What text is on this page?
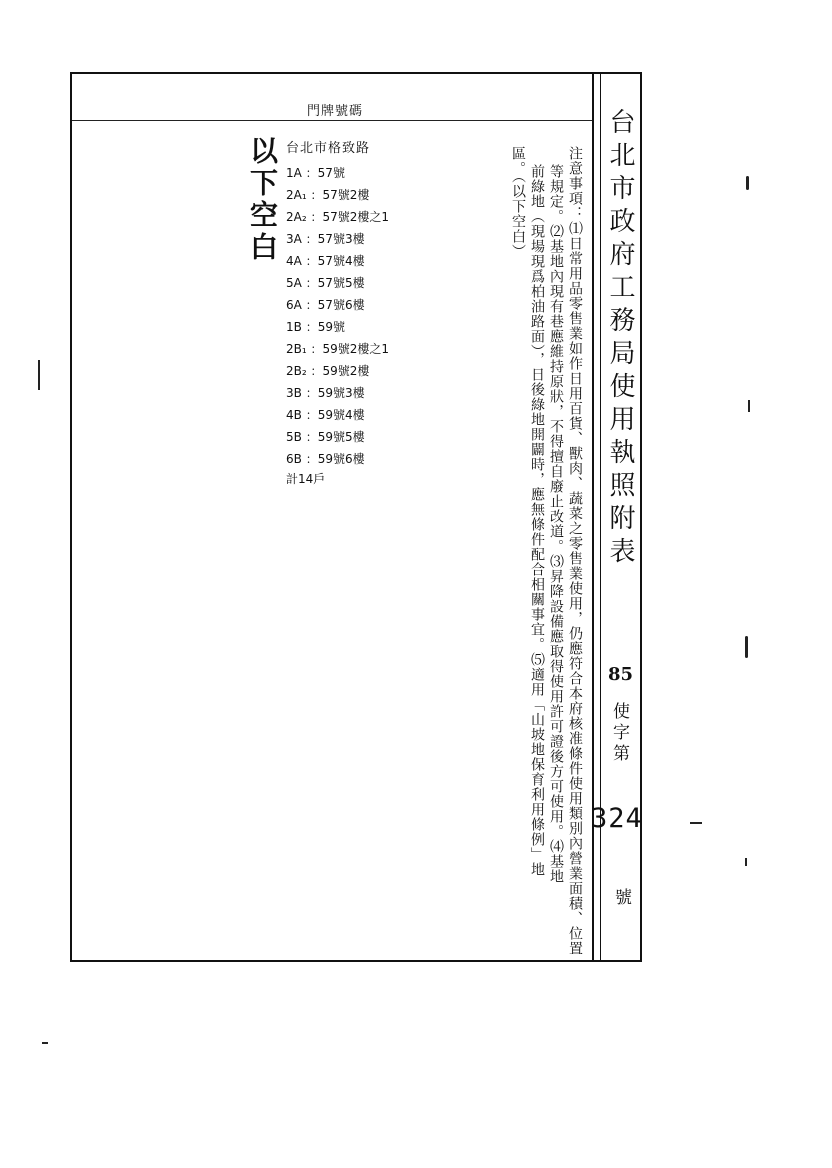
門牌號碼	台北市政府工務局使用執照附表
85
使字第
324
號

注意事項：⑴日常用品零售業如作日用百貨、獸肉、蔬菜之零售業使用，仍應符合本府核准條件使用類別內營業面積、位置

等規定。⑵基地內現有巷應維持原狀，不得擅自廢止改道。⑶昇降設備應取得使用許可證後方可使用。⑷基地

前綠地（現場現爲柏油路面），日後綠地開闢時，應無條件配合相關事宜。⑸適用「山坡地保育利用條例」地

區。（以下空白）

以下空白 台北市格致路
1A ：57號
2A₁ ：57號2樓
2A₂ ：57號2樓之1
3A ：57號3樓
4A ：57號4樓
5A ：57號5樓
6A ：57號6樓
1B ：59號
2B₁ ：59號2樓之1
2B₂ ：59號2樓
3B ：59號3樓
4B ：59號4樓
5B ：59號5樓
6B ：59號6樓
計14戶
